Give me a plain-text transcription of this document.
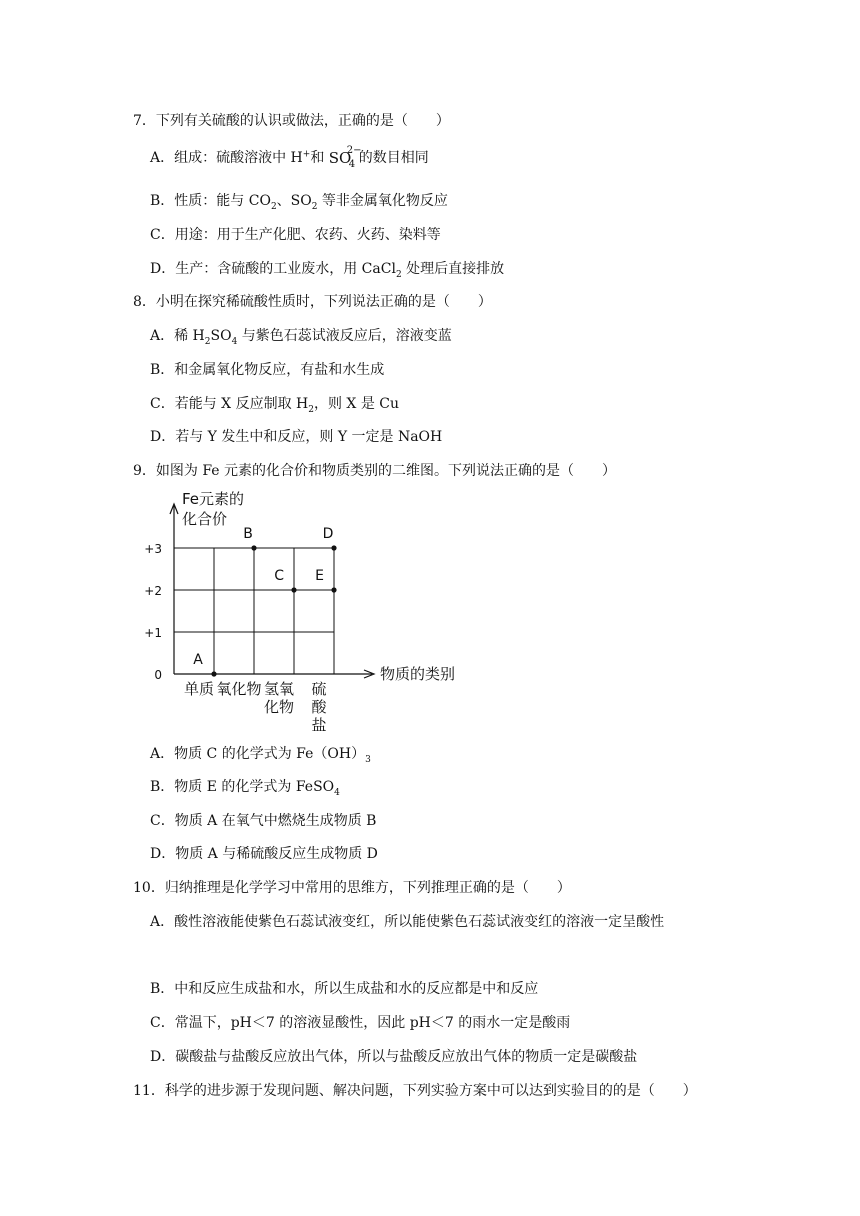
7．下列有关硫酸的认识或做法，正确的是（　　）
A．组成：硫酸溶液中 H+和 SO
2−
4 的数目相同
B．性质：能与 $CO_2$、$SO_2$ 等非金属氧化物反应
C．用途：用于生产化肥、农药、火药、染料等
D．生产：含硫酸的工业废水，用 CaCl$_2$ 处理后直接排放
8．小明在探究稀硫酸性质时，下列说法正确的是（　　）
A．稀 $H_2SO_4$ 与紫色石蕊试液反应后，溶液变蓝
B．和金属氧化物反应，有盐和水生成
C．若能与 X 反应制取 $H_2$，则 X 是 Cu
D．若与 Y 发生中和反应，则 Y 一定是 NaOH
9．如图为 Fe 元素的化合价和物质类别的二维图。下列说法正确的是（　　）
Fe元素的
化合价
物质的类别
0
+1
+2
+3
单质 氧化物 氢氧
化物
硫
酸
盐
A
B
C
D
E
A．物质 C 的化学式为 $Fe(OH)_3$
B．物质 E 的化学式为 FeSO$_4$
C．物质 A 在氧气中燃烧生成物质 B
D．物质 A 与稀硫酸反应生成物质 D
10．归纳推理是化学学习中常用的思维方，下列推理正确的是（　　）
A．酸性溶液能使紫色石蕊试液变红，所以能使紫色石蕊试液变红的溶液一定呈酸性
B．中和反应生成盐和水，所以生成盐和水的反应都是中和反应
C．常温下，pH＜7 的溶液显酸性，因此 pH＜7 的雨水一定是酸雨
D．碳酸盐与盐酸反应放出气体，所以与盐酸反应放出气体的物质一定是碳酸盐
11．科学的进步源于发现问题、解决问题，下列实验方案中可以达到实验目的的是（　　）
